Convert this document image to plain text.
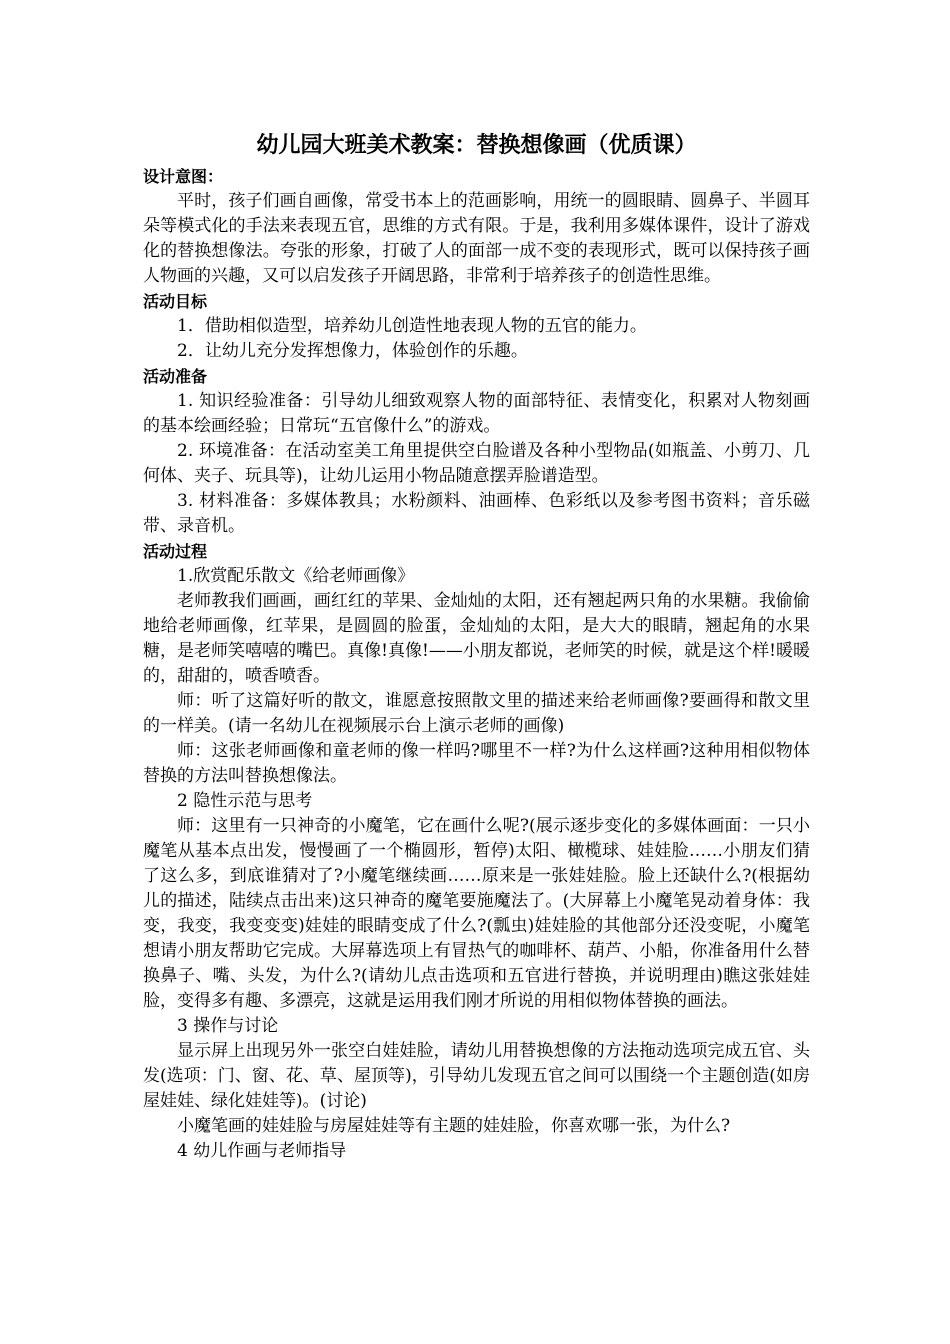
幼儿园大班美术教案：替换想像画（优质课）

设计意图：

平时，孩子们画自画像，常受书本上的范画影响，用统一的圆眼睛、圆鼻子、半圆耳朵等模式化的手法来表现五官，思维的方式有限。于是，我利用多媒体课件，设计了游戏化的替换想像法。夸张的形象，打破了人的面部一成不变的表现形式，既可以保持孩子画人物画的兴趣，又可以启发孩子开阔思路，非常利于培养孩子的创造性思维。

活动目标

1．借助相似造型，培养幼儿创造性地表现人物的五官的能力。

2．让幼儿充分发挥想像力，体验创作的乐趣。

活动准备

1. 知识经验准备：引导幼儿细致观察人物的面部特征、表情变化，积累对人物刻画的基本绘画经验；日常玩“五官像什么”的游戏。

2. 环境准备：在活动室美工角里提供空白脸谱及各种小型物品(如瓶盖、小剪刀、几何体、夹子、玩具等)，让幼儿运用小物品随意摆弄脸谱造型。

3. 材料准备：多媒体教具；水粉颜料、油画棒、色彩纸以及参考图书资料；音乐磁带、录音机。

活动过程

1.欣赏配乐散文《给老师画像》

老师教我们画画，画红红的苹果、金灿灿的太阳，还有翘起两只角的水果糖。我偷偷地给老师画像，红苹果，是圆圆的脸蛋，金灿灿的太阳，是大大的眼睛，翘起角的水果糖，是老师笑嘻嘻的嘴巴。真像!真像!——小朋友都说，老师笑的时候，就是这个样!暖暖的，甜甜的，喷香喷香。

师：听了这篇好听的散文，谁愿意按照散文里的描述来给老师画像?要画得和散文里的一样美。(请一名幼儿在视频展示台上演示老师的画像)

师：这张老师画像和童老师的像一样吗?哪里不一样?为什么这样画?这种用相似物体替换的方法叫替换想像法。

2 隐性示范与思考

师：这里有一只神奇的小魔笔，它在画什么呢?(展示逐步变化的多媒体画面：一只小魔笔从基本点出发，慢慢画了一个椭圆形，暂停)太阳、橄榄球、娃娃脸……小朋友们猜了这么多，到底谁猜对了?小魔笔继续画……原来是一张娃娃脸。脸上还缺什么?(根据幼儿的描述，陆续点击出来)这只神奇的魔笔要施魔法了。(大屏幕上小魔笔晃动着身体：我变，我变，我变变变)娃娃的眼睛变成了什么?(瓢虫)娃娃脸的其他部分还没变呢，小魔笔想请小朋友帮助它完成。大屏幕选项上有冒热气的咖啡杯、葫芦、小船，你准备用什么替换鼻子、嘴、头发，为什么?(请幼儿点击选项和五官进行替换，并说明理由)瞧这张娃娃脸，变得多有趣、多漂亮，这就是运用我们刚才所说的用相似物体替换的画法。

3 操作与讨论

显示屏上出现另外一张空白娃娃脸，请幼儿用替换想像的方法拖动选项完成五官、头发(选项：门、窗、花、草、屋顶等)，引导幼儿发现五官之间可以围绕一个主题创造(如房屋娃娃、绿化娃娃等)。(讨论)

小魔笔画的娃娃脸与房屋娃娃等有主题的娃娃脸，你喜欢哪一张，为什么?

4 幼儿作画与老师指导
